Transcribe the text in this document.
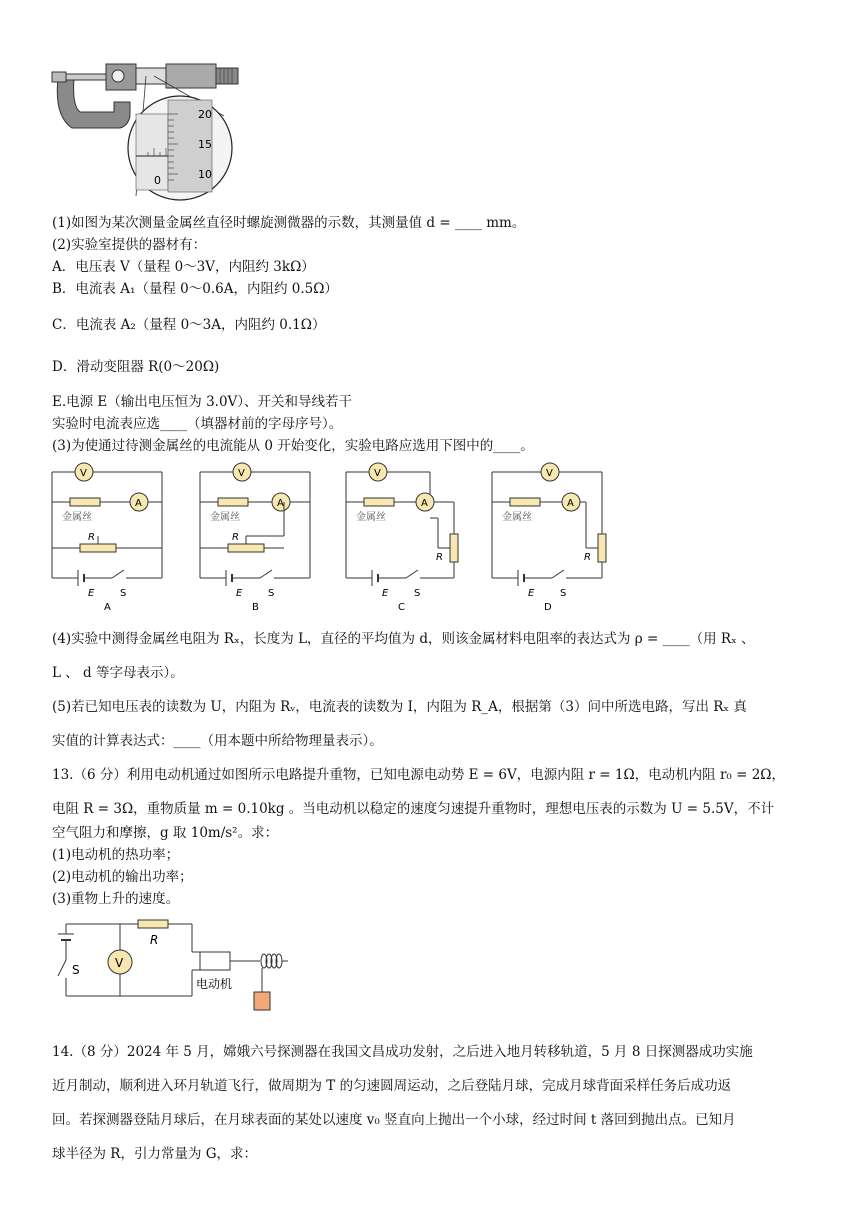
20
15
10
0
(1)如图为某次测量金属丝直径时螺旋测微器的示数，其测量值 d = ____ mm。
(2)实验室提供的器材有：
A．电压表 V（量程 0～3V，内阻约 3kΩ）
B．电流表 A₁（量程 0～0.6A，内阻约 0.5Ω）
C．电流表 A₂（量程 0～3A，内阻约 0.1Ω）
D．滑动变阻器 R(0～20Ω)
E.电源 E（输出电压恒为 3.0V）、开关和导线若干
实验时电流表应选____（填器材前的字母序号）。
(3)为使通过待测金属丝的电流能从 0 开始变化，实验电路应选用下图中的____。
V
A
金属丝
R
E	S
A
V
A
金属丝
R
E	S
B
V
A
金属丝
R
E	S
C
V
A
金属丝
R
E	S
D
(4)实验中测得金属丝电阻为 Rₓ，长度为 L，直径的平均值为 d，则该金属材料电阻率的表达式为 ρ = ____（用 Rₓ 、
L 、 d 等字母表示）。
(5)若已知电压表的读数为 U，内阻为 Rᵥ，电流表的读数为 I，内阻为 R_A，根据第（3）问中所选电路，写出 Rₓ 真
实值的计算表达式：____（用本题中所给物理量表示）。
13.（6 分）利用电动机通过如图所示电路提升重物，已知电源电动势 E = 6V，电源内阻 r = 1Ω，电动机内阻 r₀ = 2Ω，
电阻 R = 3Ω，重物质量 m = 0.10kg 。当电动机以稳定的速度匀速提升重物时，理想电压表的示数为 U = 5.5V，不计
空气阻力和摩擦，g 取 10m/s²。求：
(1)电动机的热功率；
(2)电动机的输出功率；
(3)重物上升的速度。
S	V
R
电动机
14.（8 分）2024 年 5 月，嫦娥六号探测器在我国文昌成功发射，之后进入地月转移轨道，5 月 8 日探测器成功实施
近月制动，顺利进入环月轨道飞行，做周期为 T 的匀速圆周运动，之后登陆月球，完成月球背面采样任务后成功返
回。若探测器登陆月球后，在月球表面的某处以速度 v₀ 竖直向上抛出一个小球，经过时间 t 落回到抛出点。已知月
球半径为 R，引力常量为 G，求：
